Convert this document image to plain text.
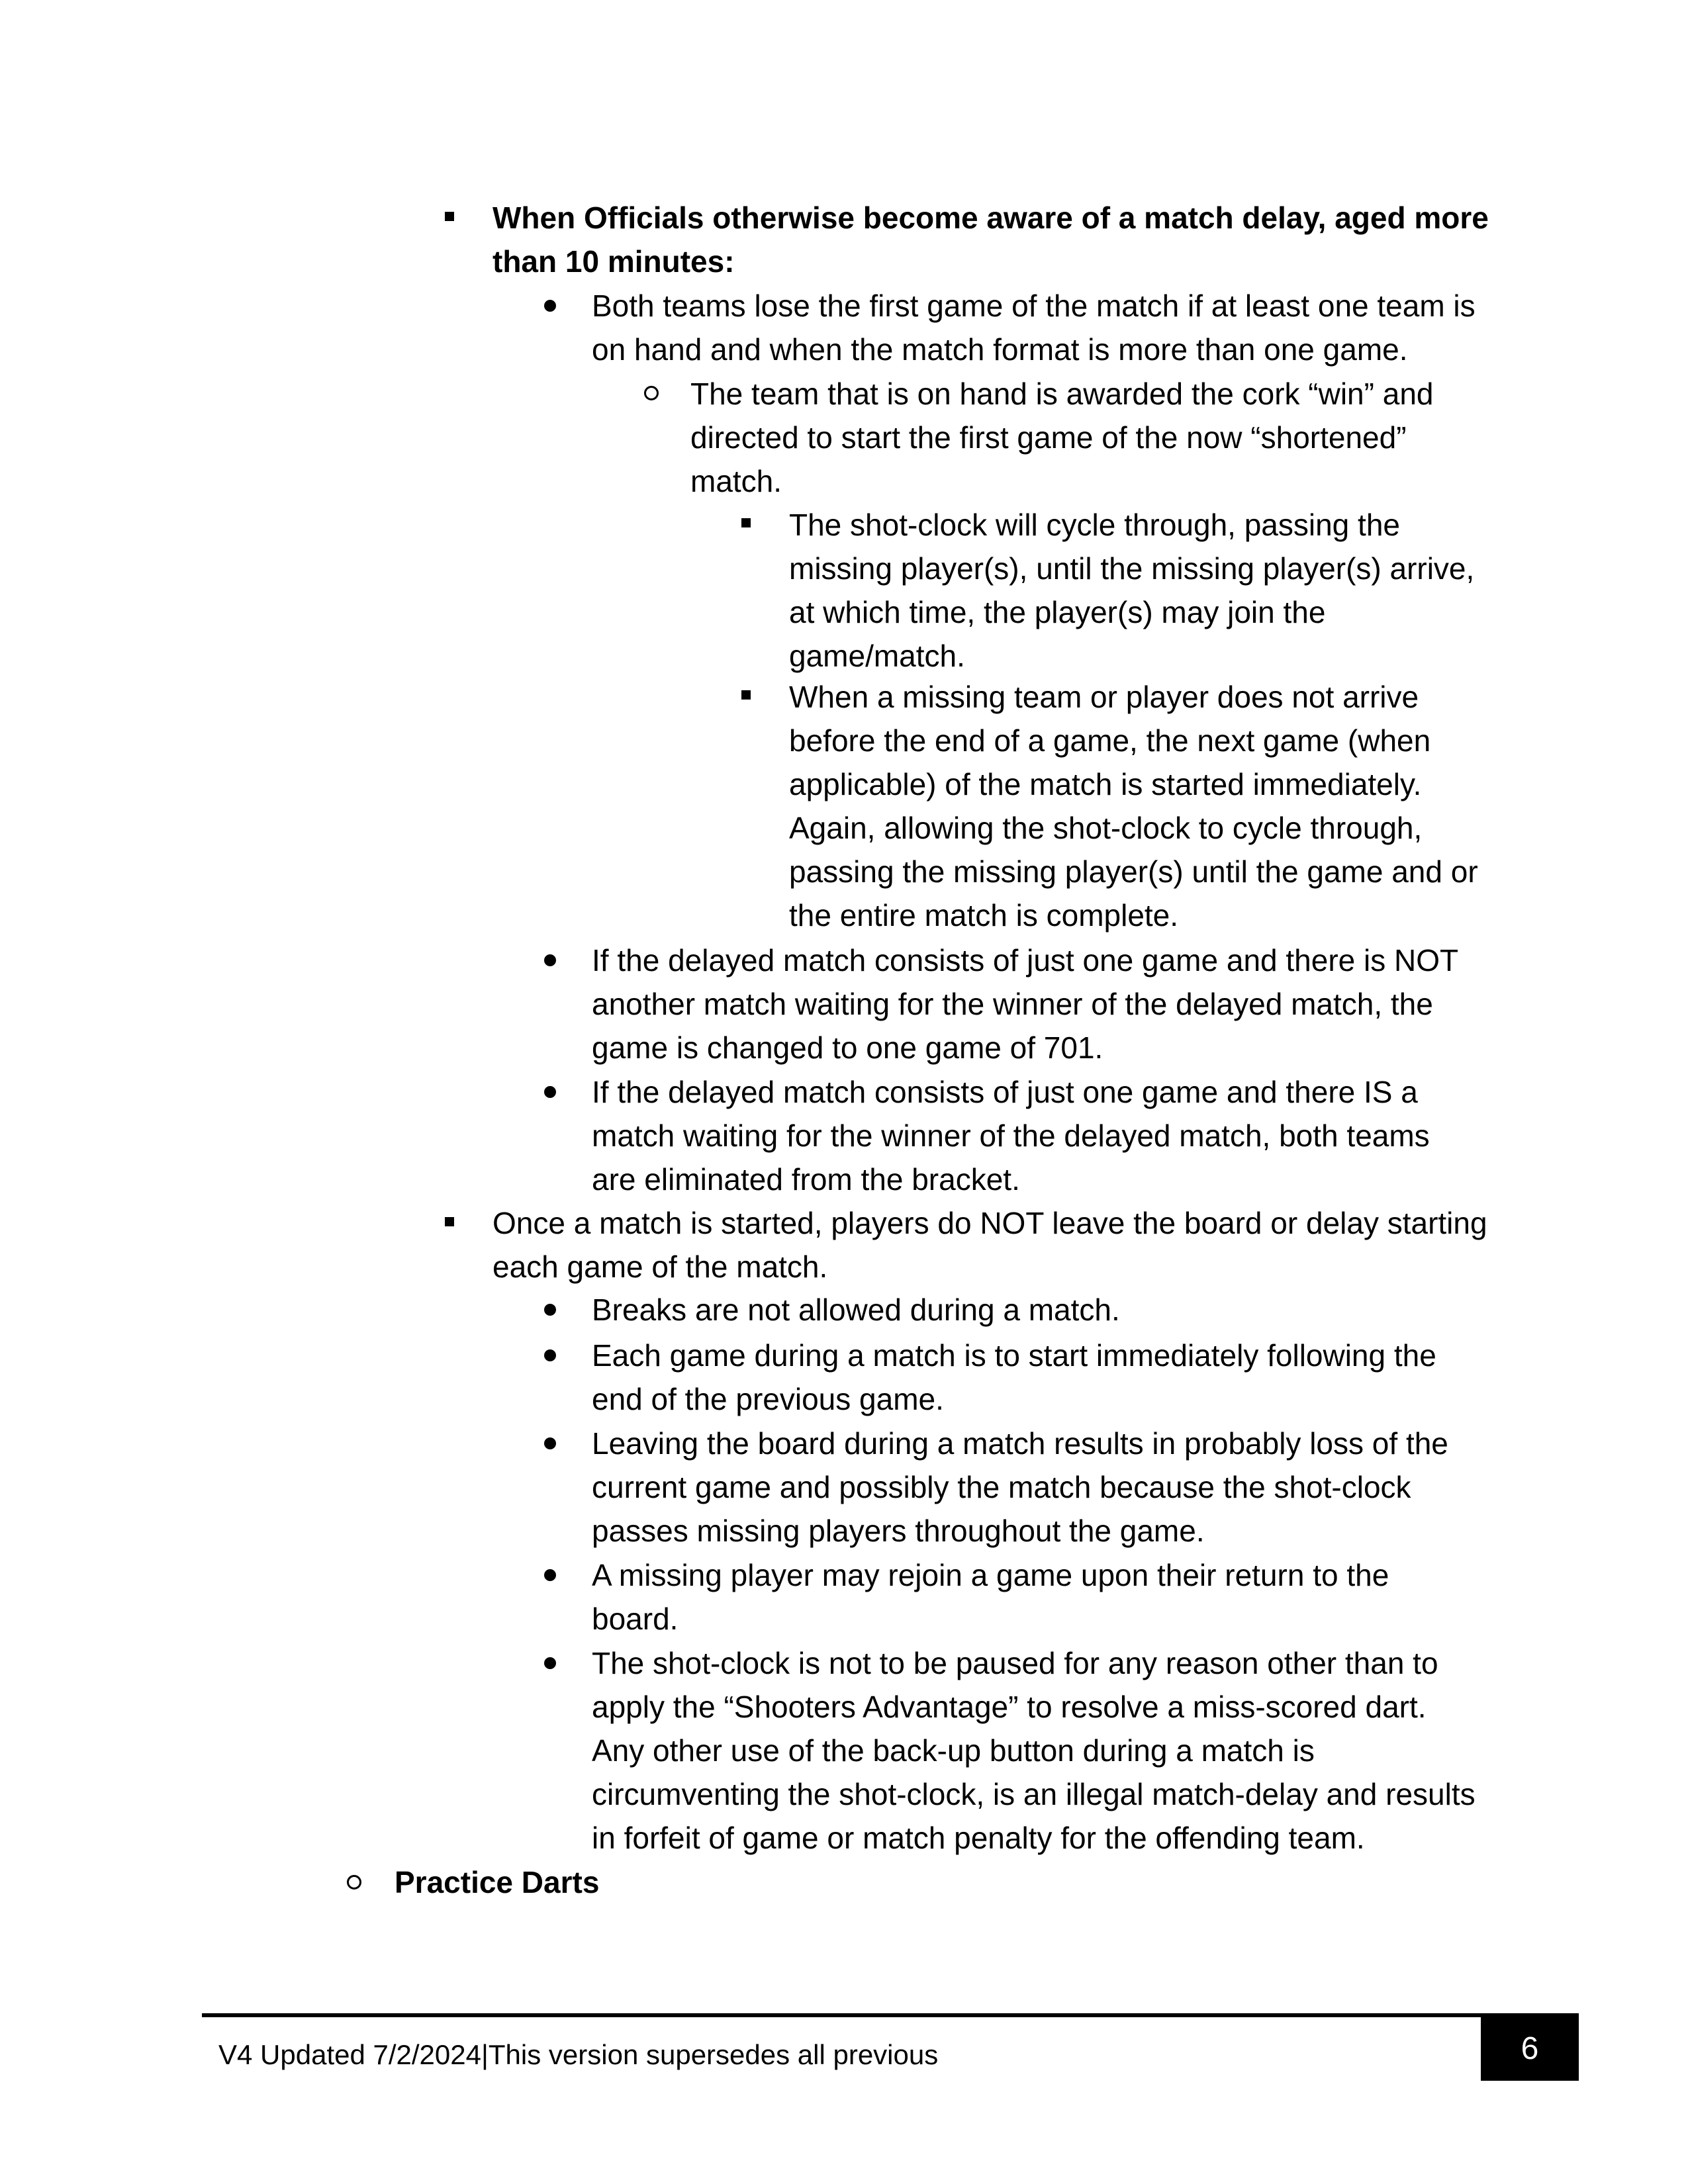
When Officials otherwise become aware of a match delay, aged more
than 10 minutes:
Both teams lose the first game of the match if at least one team is
on hand and when the match format is more than one game.
The team that is on hand is awarded the cork “win” and
directed to start the first game of the now “shortened”
match.
The shot-clock will cycle through, passing the
missing player(s), until the missing player(s) arrive,
at which time, the player(s) may join the
game/match.
When a missing team or player does not arrive
before the end of a game, the next game (when
applicable) of the match is started immediately.
Again, allowing the shot-clock to cycle through,
passing the missing player(s) until the game and or
the entire match is complete.
If the delayed match consists of just one game and there is NOT
another match waiting for the winner of the delayed match, the
game is changed to one game of 701.
If the delayed match consists of just one game and there IS a
match waiting for the winner of the delayed match, both teams
are eliminated from the bracket.
Once a match is started, players do NOT leave the board or delay starting
each game of the match.
Breaks are not allowed during a match.
Each game during a match is to start immediately following the
end of the previous game.
Leaving the board during a match results in probably loss of the
current game and possibly the match because the shot-clock
passes missing players throughout the game.
A missing player may rejoin a game upon their return to the
board.
The shot-clock is not to be paused for any reason other than to
apply the “Shooters Advantage” to resolve a miss-scored dart.
Any other use of the back-up button during a match is
circumventing the shot-clock, is an illegal match-delay and results
in forfeit of game or match penalty for the offending team.
Practice Darts
V4 Updated 7/2/2024|This version supersedes all previous	6
